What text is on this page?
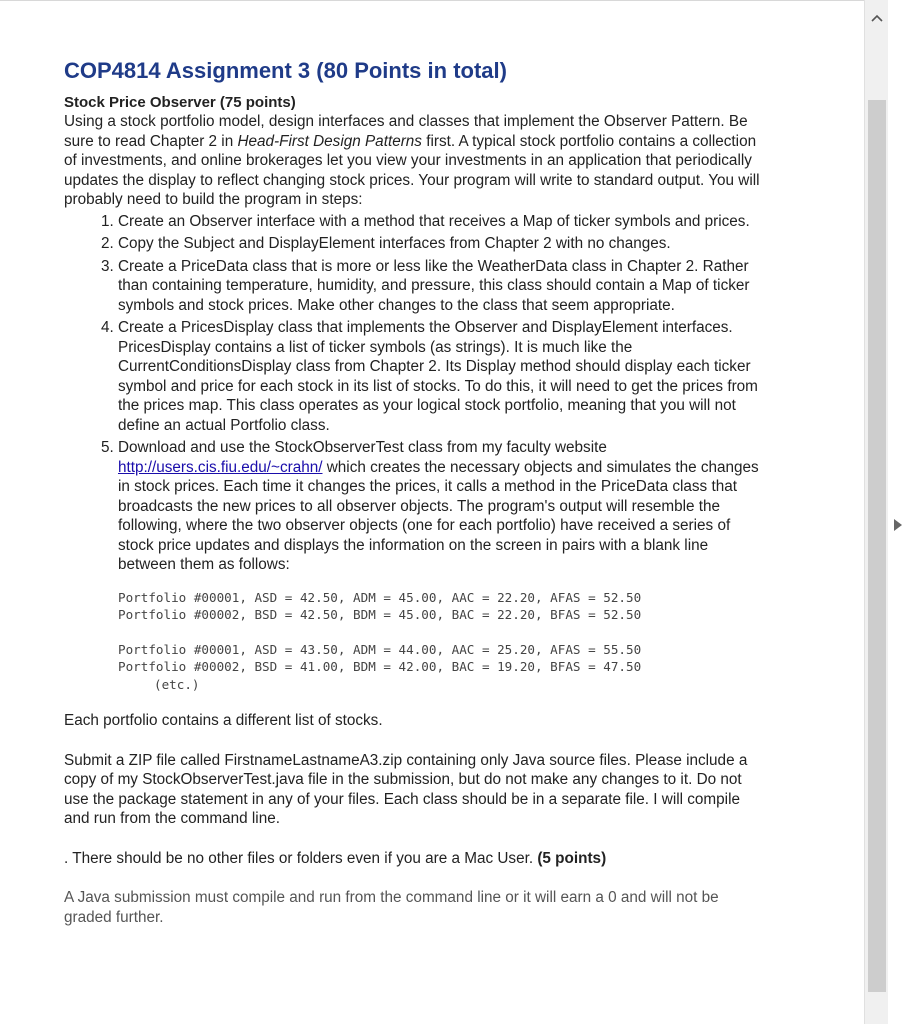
COP4814 Assignment 3 (80 Points in total)
Stock Price Observer (75 points)

Using a stock portfolio model, design interfaces and classes that implement the Observer Pattern. Be sure to read Chapter 2 in Head-First Design Patterns first. A typical stock portfolio contains a collection of investments, and online brokerages let you view your investments in an application that periodically updates the display to reflect changing stock prices. Your program will write to standard output. You will probably need to build the program in steps:

1. Create an Observer interface with a method that receives a Map of ticker symbols and prices.
2. Copy the Subject and DisplayElement interfaces from Chapter 2 with no changes.
3. Create a PriceData class that is more or less like the WeatherData class in Chapter 2. Rather than containing temperature, humidity, and pressure, this class should contain a Map of ticker symbols and stock prices. Make other changes to the class that seem appropriate.
4. Create a PricesDisplay class that implements the Observer and DisplayElement interfaces. PricesDisplay contains a list of ticker symbols (as strings). It is much like the CurrentConditionsDisplay class from Chapter 2. Its Display method should display each ticker symbol and price for each stock in its list of stocks. To do this, it will need to get the prices from the prices map. This class operates as your logical stock portfolio, meaning that you will not define an actual Portfolio class.
5. Download and use the StockObserverTest class from my faculty website http://users.cis.fiu.edu/~crahn/ which creates the necessary objects and simulates the changes in stock prices. Each time it changes the prices, it calls a method in the PriceData class that broadcasts the new prices to all observer objects. The program's output will resemble the following, where the two observer objects (one for each portfolio) have received a series of stock price updates and displays the information on the screen in pairs with a blank line between them as follows:
Portfolio #00001, ASD = 42.50, ADM = 45.00, AAC = 22.20, AFAS = 52.50
Portfolio #00002, BSD = 42.50, BDM = 45.00, BAC = 22.20, BFAS = 52.50
Portfolio #00001, ASD = 43.50, ADM = 44.00, AAC = 25.20, AFAS = 55.50
Portfolio #00002, BSD = 41.00, BDM = 42.00, BAC = 19.20, BFAS = 47.50
(etc.)

Each portfolio contains a different list of stocks.

Submit a ZIP file called FirstnameLastnameA3.zip containing only Java source files. Please include a copy of my StockObserverTest.java file in the submission, but do not make any changes to it. Do not use the package statement in any of your files. Each class should be in a separate file. I will compile and run from the command line.

. There should be no other files or folders even if you are a Mac User. (5 points)

A Java submission must compile and run from the command line or it will earn a 0 and will not be graded further.
